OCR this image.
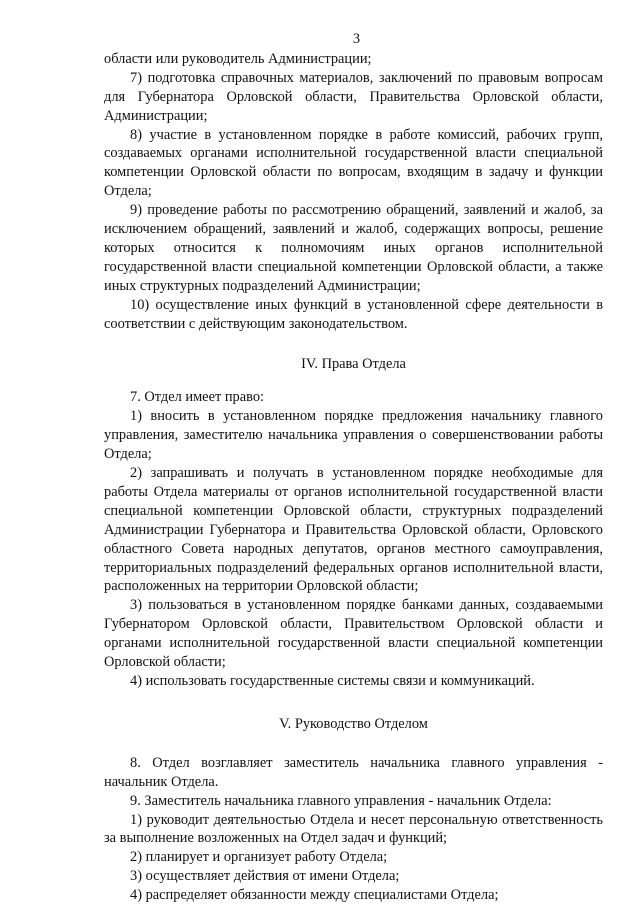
3

области или руководитель Администрации;

7) подготовка справочных материалов, заключений по правовым вопросам для Губернатора Орловской области, Правительства Орловской области, Администрации;

8) участие в установленном порядке в работе комиссий, рабочих групп, создаваемых органами исполнительной государственной власти специальной компетенции Орловской области по вопросам, входящим в задачу и функции Отдела;

9) проведение работы по рассмотрению обращений, заявлений и жалоб, за исключением обращений, заявлений и жалоб, содержащих вопросы, решение которых относится к полномочиям иных органов исполнительной государственной власти специальной компетенции Орловской области, а также иных структурных подразделений Администрации;

10) осуществление иных функций в установленной сфере деятельности в соответствии с действующим законодательством.

IV. Права Отдела

7. Отдел имеет право:

1) вносить в установленном порядке предложения начальнику главного управления, заместителю начальника управления о совершенствовании работы Отдела;

2) запрашивать и получать в установленном порядке необходимые для работы Отдела материалы от органов исполнительной государственной власти специальной компетенции Орловской области, структурных подразделений Администрации Губернатора и Правительства Орловской области, Орловского областного Совета народных депутатов, органов местного самоуправления, территориальных подразделений федеральных органов исполнительной власти, расположенных на территории Орловской области;

3) пользоваться в установленном порядке банками данных, создаваемыми Губернатором Орловской области, Правительством Орловской области и органами исполнительной государственной власти специальной компетенции Орловской области;

4) использовать государственные системы связи и коммуникаций.

V. Руководство Отделом

8. Отдел возглавляет заместитель начальника главного управления - начальник Отдела.

9. Заместитель начальника главного управления - начальник Отдела:

1) руководит деятельностью Отдела и несет персональную ответственность за выполнение возложенных на Отдел задач и функций;

2) планирует и организует работу Отдела;

3) осуществляет действия от имени Отдела;

4) распределяет обязанности между специалистами Отдела;
